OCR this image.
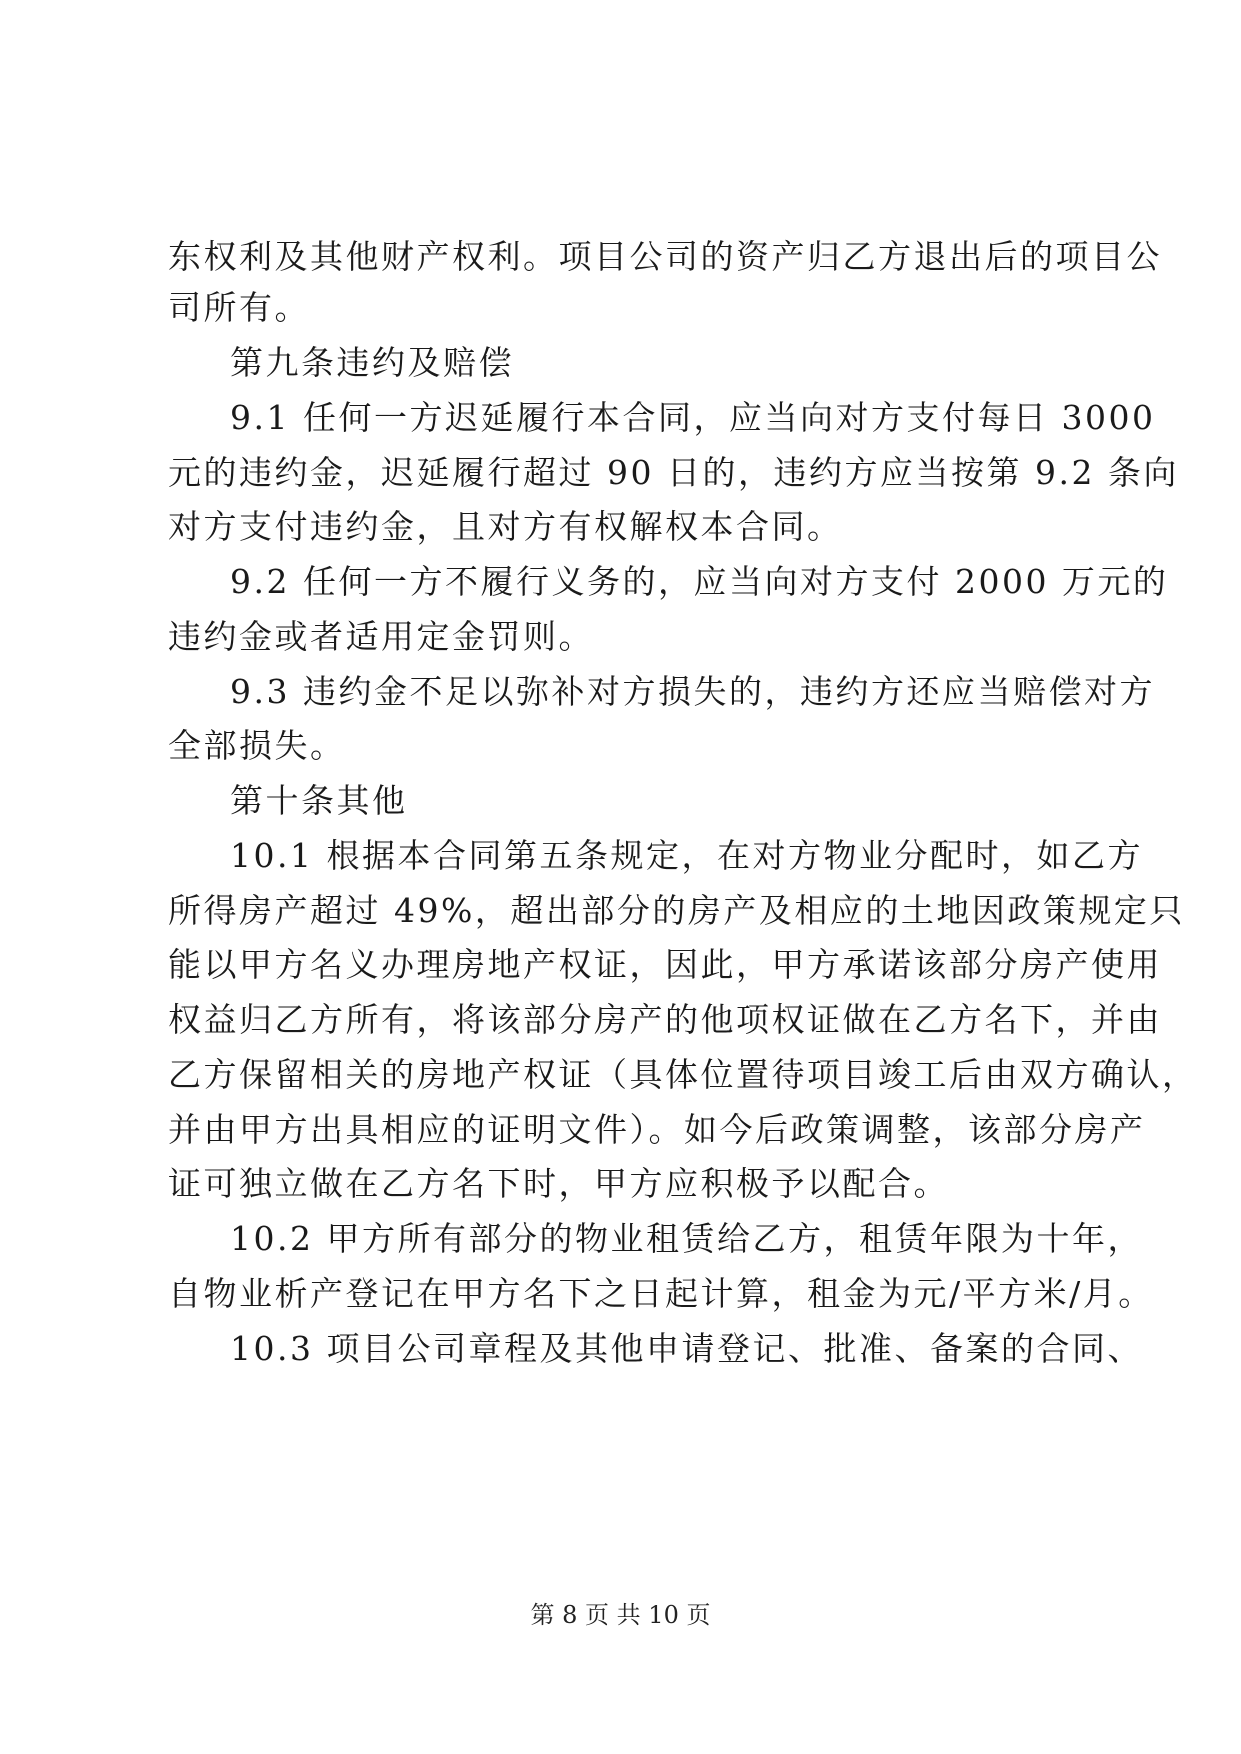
东权利及其他财产权利。项目公司的资产归乙方退出后的项目公
司所有。
第九条违约及赔偿
9.1 任何一方迟延履行本合同，应当向对方支付每日 3000
元的违约金，迟延履行超过 90 日的，违约方应当按第 9.2 条向
对方支付违约金，且对方有权解权本合同。
9.2 任何一方不履行义务的，应当向对方支付 2000 万元的
违约金或者适用定金罚则。
9.3 违约金不足以弥补对方损失的，违约方还应当赔偿对方
全部损失。
第十条其他
10.1 根据本合同第五条规定，在对方物业分配时，如乙方
所得房产超过 49%，超出部分的房产及相应的土地因政策规定只
能以甲方名义办理房地产权证，因此，甲方承诺该部分房产使用
权益归乙方所有，将该部分房产的他项权证做在乙方名下，并由
乙方保留相关的房地产权证（具体位置待项目竣工后由双方确认，
并由甲方出具相应的证明文件）。如今后政策调整，该部分房产
证可独立做在乙方名下时，甲方应积极予以配合。
10.2 甲方所有部分的物业租赁给乙方，租赁年限为十年，
自物业析产登记在甲方名下之日起计算，租金为元/平方米/月。
10.3 项目公司章程及其他申请登记、批准、备案的合同、
第 8 页 共 10 页
